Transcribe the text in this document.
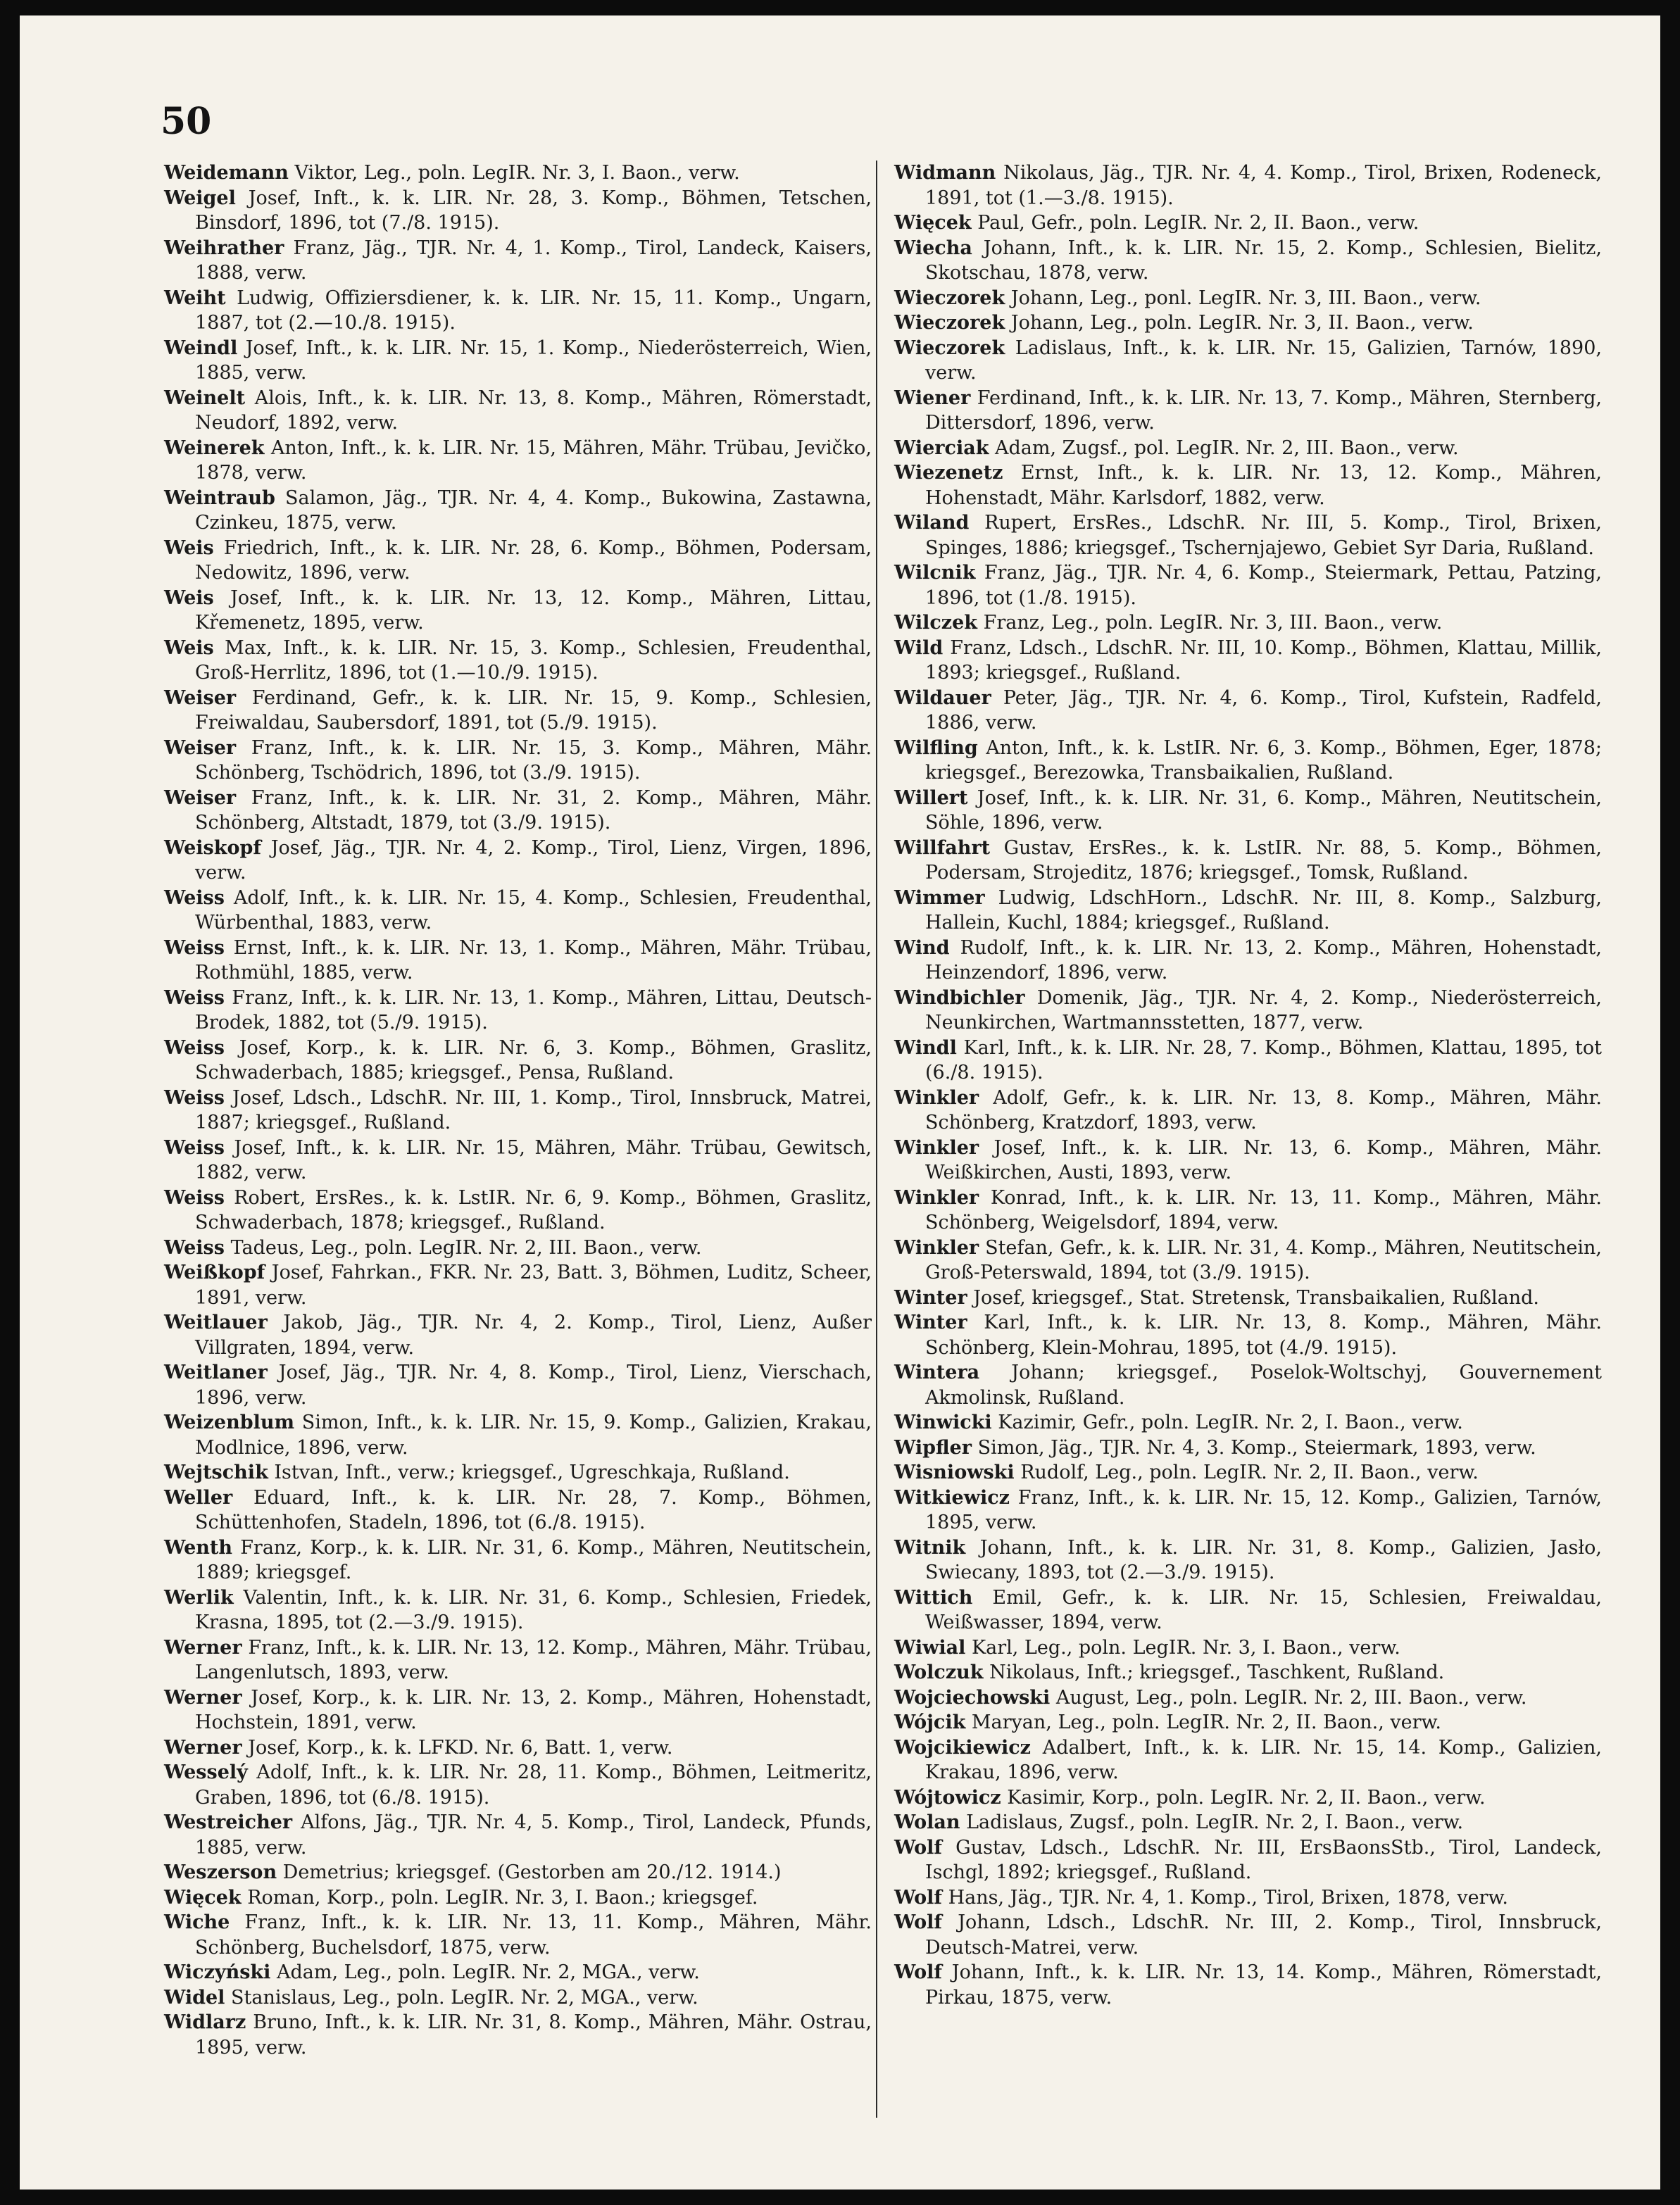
50

Weidemann Viktor, Leg., poln. LegIR. Nr. 3, I. Baon., verw.

Weigel Josef, Inft., k. k. LIR. Nr. 28, 3. Komp., Böhmen, Tetschen, Binsdorf, 1896, tot (7./8. 1915).

Weihrather Franz, Jäg., TJR. Nr. 4, 1. Komp., Tirol, Landeck, Kaisers, 1888, verw.

Weiht Ludwig, Offiziersdiener, k. k. LIR. Nr. 15, 11. Komp., Ungarn, 1887, tot (2.—10./8. 1915).

Weindl Josef, Inft., k. k. LIR. Nr. 15, 1. Komp., Niederösterreich, Wien, 1885, verw.

Weinelt Alois, Inft., k. k. LIR. Nr. 13, 8. Komp., Mähren, Römerstadt, Neudorf, 1892, verw.

Weinerek Anton, Inft., k. k. LIR. Nr. 15, Mähren, Mähr. Trübau, Jevičko, 1878, verw.

Weintraub Salamon, Jäg., TJR. Nr. 4, 4. Komp., Bukowina, Zastawna, Czinkeu, 1875, verw.

Weis Friedrich, Inft., k. k. LIR. Nr. 28, 6. Komp., Böhmen, Podersam, Nedowitz, 1896, verw.

Weis Josef, Inft., k. k. LIR. Nr. 13, 12. Komp., Mähren, Littau, Křemenetz, 1895, verw.

Weis Max, Inft., k. k. LIR. Nr. 15, 3. Komp., Schlesien, Freudenthal, Groß-Herrlitz, 1896, tot (1.—10./9. 1915).

Weiser Ferdinand, Gefr., k. k. LIR. Nr. 15, 9. Komp., Schlesien, Freiwaldau, Saubersdorf, 1891, tot (5./9. 1915).

Weiser Franz, Inft., k. k. LIR. Nr. 15, 3. Komp., Mähren, Mähr. Schönberg, Tschödrich, 1896, tot (3./9. 1915).

Weiser Franz, Inft., k. k. LIR. Nr. 31, 2. Komp., Mähren, Mähr. Schönberg, Altstadt, 1879, tot (3./9. 1915).

Weiskopf Josef, Jäg., TJR. Nr. 4, 2. Komp., Tirol, Lienz, Virgen, 1896, verw.

Weiss Adolf, Inft., k. k. LIR. Nr. 15, 4. Komp., Schlesien, Freudenthal, Würbenthal, 1883, verw.

Weiss Ernst, Inft., k. k. LIR. Nr. 13, 1. Komp., Mähren, Mähr. Trübau, Rothmühl, 1885, verw.

Weiss Franz, Inft., k. k. LIR. Nr. 13, 1. Komp., Mähren, Littau, Deutsch-Brodek, 1882, tot (5./9. 1915).

Weiss Josef, Korp., k. k. LIR. Nr. 6, 3. Komp., Böhmen, Graslitz, Schwaderbach, 1885; kriegsgef., Pensa, Rußland.

Weiss Josef, Ldsch., LdschR. Nr. III, 1. Komp., Tirol, Innsbruck, Matrei, 1887; kriegsgef., Rußland.

Weiss Josef, Inft., k. k. LIR. Nr. 15, Mähren, Mähr. Trübau, Gewitsch, 1882, verw.

Weiss Robert, ErsRes., k. k. LstIR. Nr. 6, 9. Komp., Böhmen, Graslitz, Schwaderbach, 1878; kriegsgef., Rußland.

Weiss Tadeus, Leg., poln. LegIR. Nr. 2, III. Baon., verw.

Weißkopf Josef, Fahrkan., FKR. Nr. 23, Batt. 3, Böhmen, Luditz, Scheer, 1891, verw.

Weitlauer Jakob, Jäg., TJR. Nr. 4, 2. Komp., Tirol, Lienz, Außer Villgraten, 1894, verw.

Weitlaner Josef, Jäg., TJR. Nr. 4, 8. Komp., Tirol, Lienz, Vierschach, 1896, verw.

Weizenblum Simon, Inft., k. k. LIR. Nr. 15, 9. Komp., Galizien, Krakau, Modlnice, 1896, verw.

Wejtschik Istvan, Inft., verw.; kriegsgef., Ugreschkaja, Rußland.

Weller Eduard, Inft., k. k. LIR. Nr. 28, 7. Komp., Böhmen, Schüttenhofen, Stadeln, 1896, tot (6./8. 1915).

Wenth Franz, Korp., k. k. LIR. Nr. 31, 6. Komp., Mähren, Neutitschein, 1889; kriegsgef.

Werlik Valentin, Inft., k. k. LIR. Nr. 31, 6. Komp., Schlesien, Friedek, Krasna, 1895, tot (2.—3./9. 1915).

Werner Franz, Inft., k. k. LIR. Nr. 13, 12. Komp., Mähren, Mähr. Trübau, Langenlutsch, 1893, verw.

Werner Josef, Korp., k. k. LIR. Nr. 13, 2. Komp., Mähren, Hohenstadt, Hochstein, 1891, verw.

Werner Josef, Korp., k. k. LFKD. Nr. 6, Batt. 1, verw.

Wesselý Adolf, Inft., k. k. LIR. Nr. 28, 11. Komp., Böhmen, Leitmeritz, Graben, 1896, tot (6./8. 1915).

Westreicher Alfons, Jäg., TJR. Nr. 4, 5. Komp., Tirol, Landeck, Pfunds, 1885, verw.

Weszerson Demetrius; kriegsgef. (Gestorben am 20./12. 1914.)

Więcek Roman, Korp., poln. LegIR. Nr. 3, I. Baon.; kriegsgef.

Wiche Franz, Inft., k. k. LIR. Nr. 13, 11. Komp., Mähren, Mähr. Schönberg, Buchelsdorf, 1875, verw.

Wiczyński Adam, Leg., poln. LegIR. Nr. 2, MGA., verw.

Widel Stanislaus, Leg., poln. LegIR. Nr. 2, MGA., verw.

Widlarz Bruno, Inft., k. k. LIR. Nr. 31, 8. Komp., Mähren, Mähr. Ostrau, 1895, verw.

Widmann Nikolaus, Jäg., TJR. Nr. 4, 4. Komp., Tirol, Brixen, Rodeneck, 1891, tot (1.—3./8. 1915).

Więcek Paul, Gefr., poln. LegIR. Nr. 2, II. Baon., verw.

Wiecha Johann, Inft., k. k. LIR. Nr. 15, 2. Komp., Schlesien, Bielitz, Skotschau, 1878, verw.

Wieczorek Johann, Leg., ponl. LegIR. Nr. 3, III. Baon., verw.

Wieczorek Johann, Leg., poln. LegIR. Nr. 3, II. Baon., verw.

Wieczorek Ladislaus, Inft., k. k. LIR. Nr. 15, Galizien, Tarnów, 1890, verw.

Wiener Ferdinand, Inft., k. k. LIR. Nr. 13, 7. Komp., Mähren, Sternberg, Dittersdorf, 1896, verw.

Wierciak Adam, Zugsf., pol. LegIR. Nr. 2, III. Baon., verw.

Wiezenetz Ernst, Inft., k. k. LIR. Nr. 13, 12. Komp., Mähren, Hohenstadt, Mähr. Karlsdorf, 1882, verw.

Wiland Rupert, ErsRes., LdschR. Nr. III, 5. Komp., Tirol, Brixen, Spinges, 1886; kriegsgef., Tschernjajewo, Gebiet Syr Daria, Rußland.

Wilcnik Franz, Jäg., TJR. Nr. 4, 6. Komp., Steiermark, Pettau, Patzing, 1896, tot (1./8. 1915).

Wilczek Franz, Leg., poln. LegIR. Nr. 3, III. Baon., verw.

Wild Franz, Ldsch., LdschR. Nr. III, 10. Komp., Böhmen, Klattau, Millik, 1893; kriegsgef., Rußland.

Wildauer Peter, Jäg., TJR. Nr. 4, 6. Komp., Tirol, Kufstein, Radfeld, 1886, verw.

Wilfling Anton, Inft., k. k. LstIR. Nr. 6, 3. Komp., Böhmen, Eger, 1878; kriegsgef., Berezowka, Transbaikalien, Rußland.

Willert Josef, Inft., k. k. LIR. Nr. 31, 6. Komp., Mähren, Neutitschein, Söhle, 1896, verw.

Willfahrt Gustav, ErsRes., k. k. LstIR. Nr. 88, 5. Komp., Böhmen, Podersam, Strojeditz, 1876; kriegsgef., Tomsk, Rußland.

Wimmer Ludwig, LdschHorn., LdschR. Nr. III, 8. Komp., Salzburg, Hallein, Kuchl, 1884; kriegsgef., Rußland.

Wind Rudolf, Inft., k. k. LIR. Nr. 13, 2. Komp., Mähren, Hohenstadt, Heinzendorf, 1896, verw.

Windbichler Domenik, Jäg., TJR. Nr. 4, 2. Komp., Niederösterreich, Neunkirchen, Wartmannsstetten, 1877, verw.

Windl Karl, Inft., k. k. LIR. Nr. 28, 7. Komp., Böhmen, Klattau, 1895, tot (6./8. 1915).

Winkler Adolf, Gefr., k. k. LIR. Nr. 13, 8. Komp., Mähren, Mähr. Schönberg, Kratzdorf, 1893, verw.

Winkler Josef, Inft., k. k. LIR. Nr. 13, 6. Komp., Mähren, Mähr. Weißkirchen, Austi, 1893, verw.

Winkler Konrad, Inft., k. k. LIR. Nr. 13, 11. Komp., Mähren, Mähr. Schönberg, Weigelsdorf, 1894, verw.

Winkler Stefan, Gefr., k. k. LIR. Nr. 31, 4. Komp., Mähren, Neutitschein, Groß-Peterswald, 1894, tot (3./9. 1915).

Winter Josef, kriegsgef., Stat. Stretensk, Transbaikalien, Rußland.

Winter Karl, Inft., k. k. LIR. Nr. 13, 8. Komp., Mähren, Mähr. Schönberg, Klein-Mohrau, 1895, tot (4./9. 1915).

Wintera Johann; kriegsgef., Poselok-Woltschyj, Gouvernement Akmolinsk, Rußland.

Winwicki Kazimir, Gefr., poln. LegIR. Nr. 2, I. Baon., verw.

Wipfler Simon, Jäg., TJR. Nr. 4, 3. Komp., Steiermark, 1893, verw.

Wisniowski Rudolf, Leg., poln. LegIR. Nr. 2, II. Baon., verw.

Witkiewicz Franz, Inft., k. k. LIR. Nr. 15, 12. Komp., Galizien, Tarnów, 1895, verw.

Witnik Johann, Inft., k. k. LIR. Nr. 31, 8. Komp., Galizien, Jasło, Swiecany, 1893, tot (2.—3./9. 1915).

Wittich Emil, Gefr., k. k. LIR. Nr. 15, Schlesien, Freiwaldau, Weißwasser, 1894, verw.

Wiwial Karl, Leg., poln. LegIR. Nr. 3, I. Baon., verw.

Wolczuk Nikolaus, Inft.; kriegsgef., Taschkent, Rußland.

Wojciechowski August, Leg., poln. LegIR. Nr. 2, III. Baon., verw.

Wójcik Maryan, Leg., poln. LegIR. Nr. 2, II. Baon., verw.

Wojcikiewicz Adalbert, Inft., k. k. LIR. Nr. 15, 14. Komp., Galizien, Krakau, 1896, verw.

Wójtowicz Kasimir, Korp., poln. LegIR. Nr. 2, II. Baon., verw.

Wolan Ladislaus, Zugsf., poln. LegIR. Nr. 2, I. Baon., verw.

Wolf Gustav, Ldsch., LdschR. Nr. III, ErsBaonsStb., Tirol, Landeck, Ischgl, 1892; kriegsgef., Rußland.

Wolf Hans, Jäg., TJR. Nr. 4, 1. Komp., Tirol, Brixen, 1878, verw.

Wolf Johann, Ldsch., LdschR. Nr. III, 2. Komp., Tirol, Innsbruck, Deutsch-Matrei, verw.

Wolf Johann, Inft., k. k. LIR. Nr. 13, 14. Komp., Mähren, Römerstadt, Pirkau, 1875, verw.
